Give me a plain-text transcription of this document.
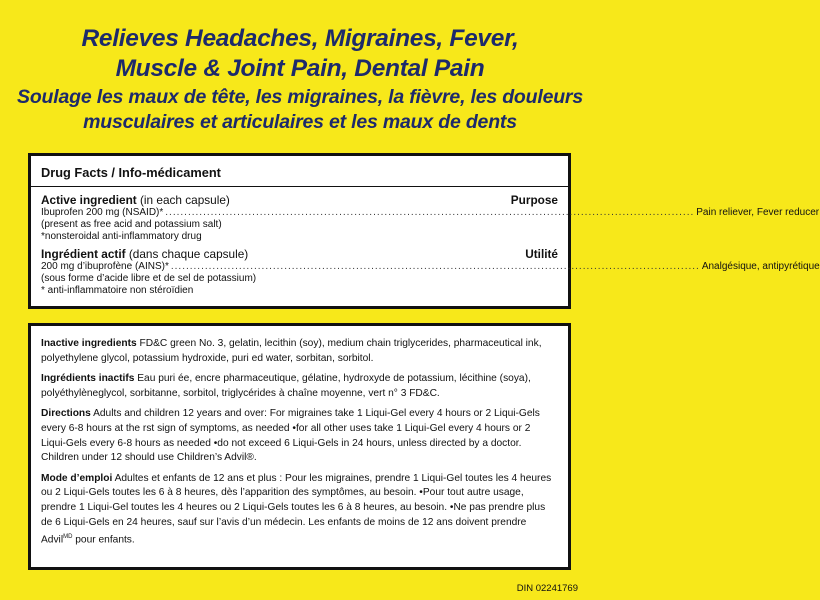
Relieves Headaches, Migraines, Fever,
Muscle & Joint Pain, Dental Pain
Soulage les maux de tête, les migraines, la fièvre, les douleurs
musculaires et articulaires et les maux de dents
Drug Facts / Info-médicament
Active ingredient (in each capsule)	Purpose
Ibuprofen 200 mg (NSAID)* ............................................................................................................................................ Pain reliever, Fever reducer
(present as free acid and potassium salt)
*nonsteroidal anti-inflammatory drug
Ingrédient actif (dans chaque capsule)	Utilité
200 mg d’ibuprofène (AINS)* ............................................................................................................................................ Analgésique, antipyrétique
(sous forme d’acide libre et de sel de potassium)
* anti-inflammatoire non stéroïdien

Inactive ingredients FD&C green No. 3, gelatin, lecithin (soy), medium chain triglycerides, pharmaceutical ink, polyethylene glycol, potassium hydroxide, puri ed water, sorbitan, sorbitol.

Ingrédients inactifs Eau puri ée, encre pharmaceutique, gélatine, hydroxyde de potassium, lécithine (soya), polyéthylèneglycol, sorbitanne, sorbitol, triglycérides à chaîne moyenne, vert n° 3 FD&C.

Directions Adults and children 12 years and over: For migraines take 1 Liqui-Gel every 4 hours or 2 Liqui-Gels every 6-8 hours at the rst sign of symptoms, as needed •for all other uses take 1 Liqui-Gel every 4 hours or 2 Liqui-Gels every 6-8 hours as needed •do not exceed 6 Liqui-Gels in 24 hours, unless directed by a doctor. Children under 12 should use Children’s Advil®.

Mode d’emploi Adultes et enfants de 12 ans et plus : Pour les migraines, prendre 1 Liqui-Gel toutes les 4 heures ou 2 Liqui-Gels toutes les 6 à 8 heures, dès l’apparition des symptômes, au besoin. •Pour tout autre usage, prendre 1 Liqui-Gel toutes les 4 heures ou 2 Liqui-Gels toutes les 6 à 8 heures, au besoin. •Ne pas prendre plus de 6 Liqui-Gels en 24 heures, sauf sur l’avis d’un médecin. Les enfants de moins de 12 ans doivent prendre Advil$^{MD}$ pour enfants.

DIN 02241769
